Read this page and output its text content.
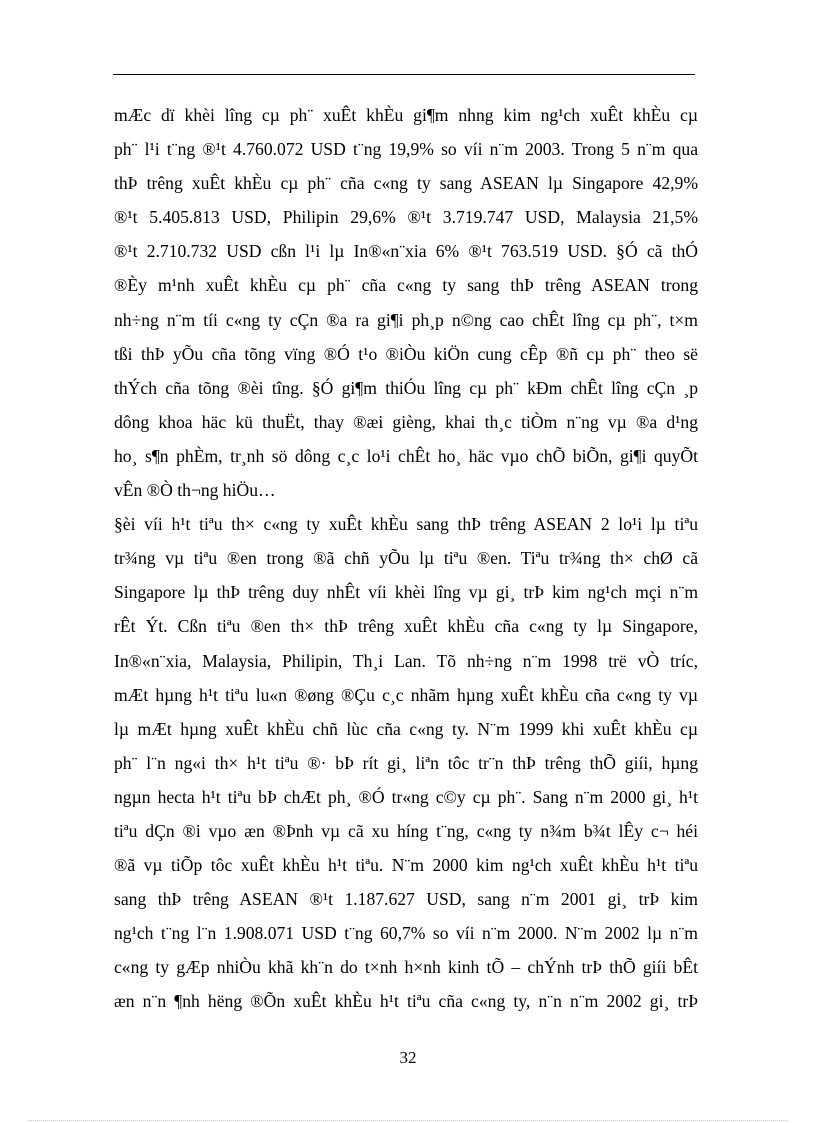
mÆc dï khèi lîng cµ ph¨ xuÊt khÈu gi¶m nhng kim ng¹ch xuÊt khÈu cµ
ph¨ l¹i t¨ng ®¹t 4.760.072 USD t¨ng 19,9% so víi n¨m 2003. Trong 5 n¨m qua
thÞ trêng xuÊt khÈu cµ ph¨ cña c«ng ty sang ASEAN lµ Singapore 42,9%
®¹t 5.405.813 USD, Philipin 29,6% ®¹t 3.719.747 USD, Malaysia 21,5%
®¹t 2.710.732 USD cßn l¹i lµ In®«n¨xia 6% ®¹t 763.519 USD. §Ó cã thÓ
®Èy m¹nh xuÊt khÈu cµ ph¨ cña c«ng ty sang thÞ trêng ASEAN trong
nh÷ng n¨m tíi c«ng ty cÇn ®a ra gi¶i ph¸p n©ng cao chÊt lîng cµ ph¨, t×m
tßi thÞ yÕu cña tõng vïng ®Ó t¹o ®iÒu kiÖn cung cÊp ®ñ cµ ph¨ theo së
thÝch cña tõng ®èi tîng. §Ó gi¶m thiÓu lîng cµ ph¨ kÐm chÊt lîng cÇn ¸p
dông khoa häc kü thuËt, thay ®æi gièng, khai th¸c tiÒm n¨ng vµ ®a d¹ng
ho¸ s¶n phÈm, tr¸nh sö dông c¸c lo¹i chÊt ho¸ häc vµo chÕ biÕn, gi¶i quyÕt
vÊn ®Ò th¬ng hiÖu…
§èi víi h¹t tiªu th× c«ng ty xuÊt khÈu sang thÞ trêng ASEAN 2 lo¹i lµ tiªu
tr¾ng vµ tiªu ®en trong ®ã chñ yÕu lµ tiªu ®en. Tiªu tr¾ng th× chØ cã
Singapore lµ thÞ trêng duy nhÊt víi khèi lîng vµ gi¸ trÞ kim ng¹ch mçi n¨m
rÊt Ýt. Cßn tiªu ®en th× thÞ trêng xuÊt khÈu cña c«ng ty lµ Singapore,
In®«n¨xia, Malaysia, Philipin, Th¸i Lan. Tõ nh÷ng n¨m 1998 trë vÒ tríc,
mÆt hµng h¹t tiªu lu«n ®øng ®Çu c¸c nhãm hµng xuÊt khÈu cña c«ng ty vµ
lµ mÆt hµng xuÊt khÈu chñ lùc cña c«ng ty. N¨m 1999 khi xuÊt khÈu cµ
ph¨ l¨n ng«i th× h¹t tiªu ®· bÞ rít gi¸ liªn tôc tr¨n thÞ trêng thÕ giíi, hµng
ngµn hecta h¹t tiªu bÞ chÆt ph¸ ®Ó tr«ng c©y cµ ph¨. Sang n¨m 2000 gi¸ h¹t
tiªu dÇn ®i vµo æn ®Þnh vµ cã xu híng t¨ng, c«ng ty n¾m b¾t lÊy c¬ héi
®ã vµ tiÕp tôc xuÊt khÈu h¹t tiªu. N¨m 2000 kim ng¹ch xuÊt khÈu h¹t tiªu
sang thÞ trêng ASEAN ®¹t 1.187.627 USD, sang n¨m 2001 gi¸ trÞ kim
ng¹ch t¨ng l¨n 1.908.071 USD t¨ng 60,7% so víi n¨m 2000. N¨m 2002 lµ n¨m
c«ng ty gÆp nhiÒu khã kh¨n do t×nh h×nh kinh tÕ – chÝnh trÞ thÕ giíi bÊt
æn n¨n ¶nh hëng ®Õn xuÊt khÈu h¹t tiªu cña c«ng ty, n¨n n¨m 2002 gi¸ trÞ
32
